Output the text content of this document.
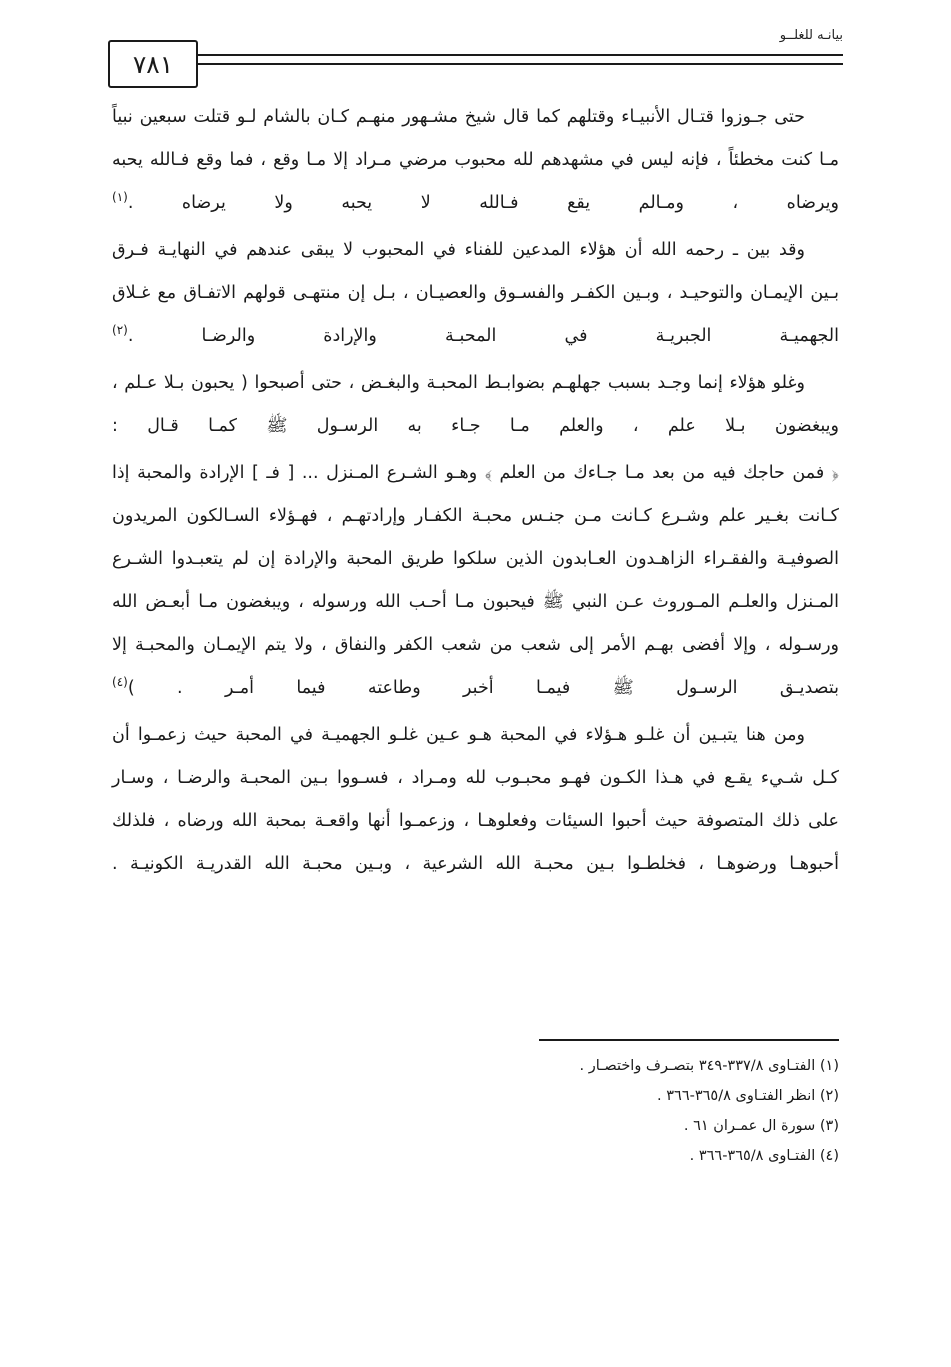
بيانـه للغلــو
٧٨١

حتى جـوزوا قتـال الأنبيـاء وقتلهم كما قال شيخ مشـهور منهـم كـان بالشام لـو قتلت سبعين نبياً مـا كنت مخطئاً ، فإنه ليس في مشهدهم لله محبوب مرضي مـراد إلا مـا وقع ، فما وقع فـالله يحبه ويرضاه ، ومـالم يقع فـالله لا يحبه ولا يرضاه .$^{(١)}$

وقد بين ـ رحمه الله أن هؤلاء المدعين للفناء في المحبوب لا يبقى عندهم في النهايـة فـرق بـين الإيمـان والتوحيـد ، وبـين الكفـر والفسـوق والعصيـان ، بـل إن منتهـى قولهم الاتفـاق مع غـلاق الجهميـة الجبريـة في المحبـة والإرادة والرضـا .$^{(٢)}$

وغلو هؤلاء إنما وجـد بسبب جهلهـم بضوابـط المحبـة والبغـض ، حتى أصبحوا ( يحبون بـلا عـلم ، ويبغضون بـلا علم ، والعلم مـا جـاء به الرسـول ﷺ كمـا قـال :

﴿ فمن حاجك فيه من بعد مـا جـاءك من العلم ﴾ وهـو الشـرع المـنزل ... [ فـ ] الإرادة والمحبة إذا كـانت بغـير علم وشـرع كـانت مـن جنـس محبـة الكفـار وإرادتهـم ، فهـؤلاء السـالكون المريدون الصوفيـة والفقـراء الزاهـدون العـابدون الذين سلكوا طريق المحبة والإرادة إن لم يتعبـدوا الشـرع المـنزل والعلـم المـوروث عـن النبي ﷺ فيحبون مـا أحـب الله ورسوله ، ويبغضون مـا أبعـض الله ورسـوله ، وإلا أفضى بهـم الأمر إلى شعب من شعب الكفر والنفاق ، ولا يتم الإيمـان والمحبـة إلا بتصديـق الرسـول ﷺ فيمـا أخبر وطاعته فيما أمـر . )$^{(٤)}$

ومن هنا يتبـين أن غلـو هـؤلاء في المحبة هـو عـين غلـو الجهميـة في المحبة حيث زعمـوا أن كـل شـيء يقـع في هـذا الكـون فهـو محبـوب لله ومـراد ، فسـووا بـين المحبـة والرضـا ، وسـار على ذلك المتصوفة حيث أحبوا السيئات وفعلوهـا ، وزعمـوا أنها واقعـة بمحبة الله ورضاه ، فلذلك أحبوهـا ورضوهـا ، فخلطـوا بـين محبـة الله الشرعية ، وبـين محبـة الله القدريـة الكونيـة .

(١) الفتـاوى ٣٣٧/٨-٣٤٩ بتصـرف واختصـار .

(٢) انظر الفتـاوى ٣٦٥/٨-٣٦٦ .

(٣) سورة ال عمـران ٦١ .

(٤) الفتـاوى ٣٦٥/٨-٣٦٦ .
